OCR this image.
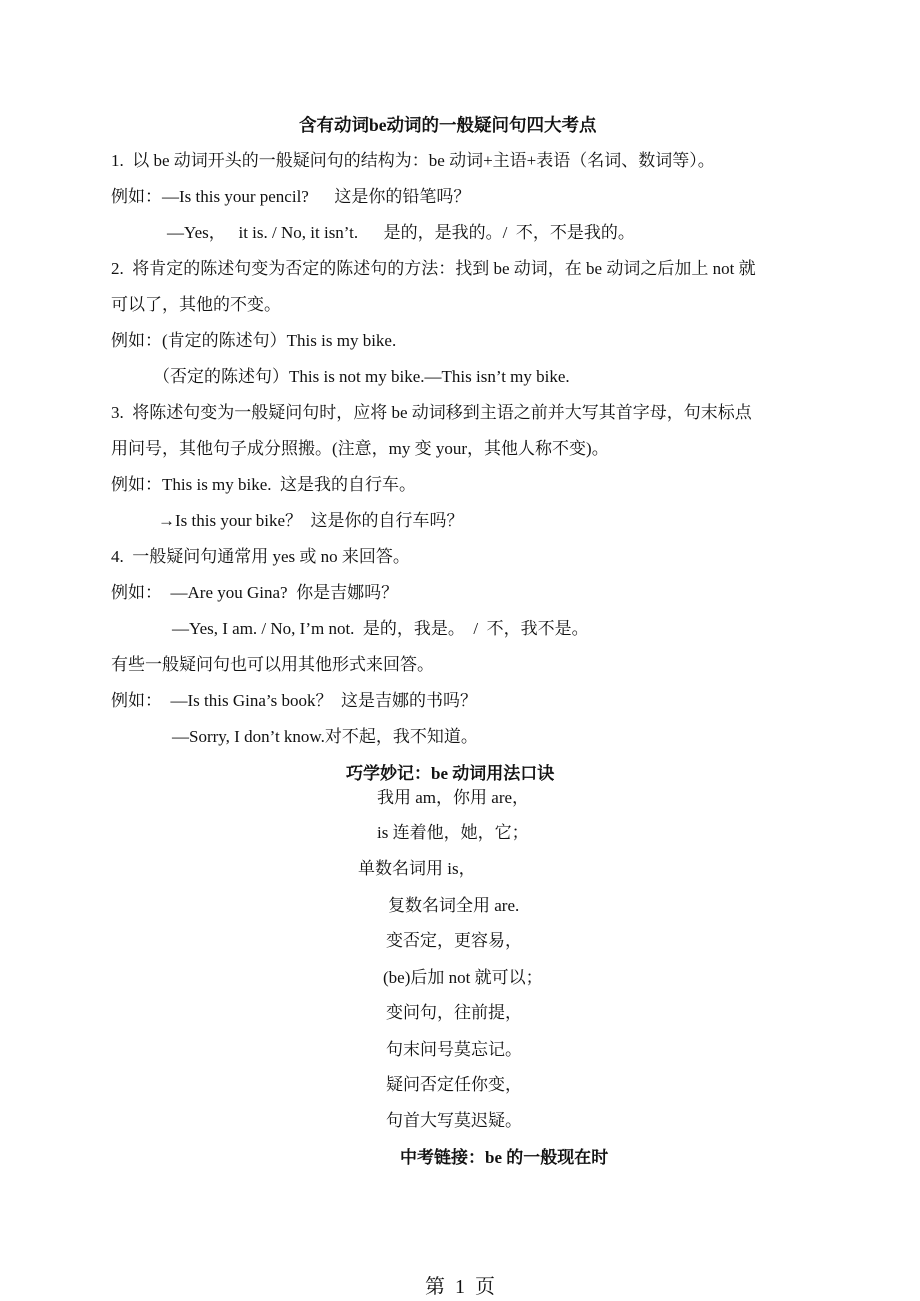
含有动词be动词的一般疑问句四大考点
1.  以 be 动词开头的一般疑问句的结构为：be 动词+主语+表语（名词、数词等）。
例如：—Is this your pencil?      这是你的铅笔吗？
—Yes，   it is. / No, it isn’t.      是的，是我的。/  不，不是我的。
2.  将肯定的陈述句变为否定的陈述句的方法：找到 be 动词，在 be 动词之后加上 not 就
可以了，其他的不变。
例如：(肯定的陈述句）This is my bike.
（否定的陈述句）This is not my bike.—This isn’t my bike.
3.  将陈述句变为一般疑问句时，应将 be 动词移到主语之前并大写其首字母，句末标点
用问号，其他句子成分照搬。(注意，my 变 your，其他人称不变)。
例如：This is my bike.  这是我的自行车。
→Is this your bike？  这是你的自行车吗？
4.  一般疑问句通常用 yes 或 no 来回答。
例如：  —Are you Gina?  你是吉娜吗？
—Yes, I am. / No, I’m not.  是的，我是。  /  不，我不是。
有些一般疑问句也可以用其他形式来回答。
例如：  —Is this Gina’s book？  这是吉娜的书吗？
—Sorry, I don’t know.对不起，我不知道。
巧学妙记：be 动词用法口诀
我用 am，你用 are，
is 连着他，她，它；
单数名词用 is，
复数名词全用 are.
变否定，更容易，
(be)后加 not 就可以；
变问句，往前提，
句末问号莫忘记。
疑问否定任你变，
句首大写莫迟疑。
中考链接：be 的一般现在时
第  1  页
